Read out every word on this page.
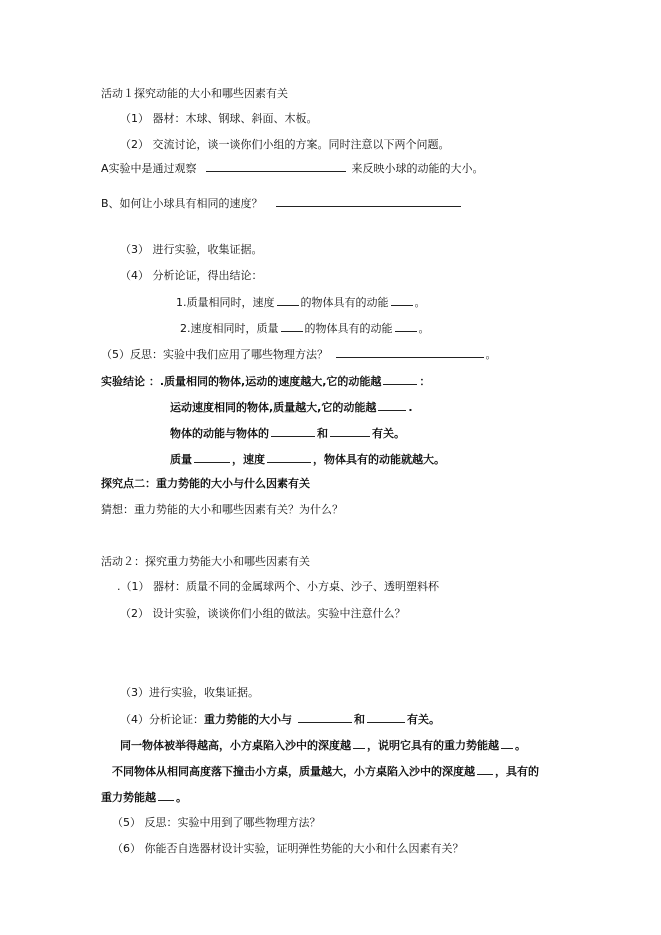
活动１探究动能的大小和哪些因素有关
（1） 器材：木球、钢球、斜面、木板。
（2） 交流讨论，谈一谈你们小组的方案。同时注意以下两个问题。
A实验中是通过观察	来反映小球的动能的大小。
B、如何让小球具有相同的速度？
（3） 进行实验，收集证据。
（4） 分析论证，得出结论：
1.质量相同时，速度 的物体具有的动能 。
2.速度相同时，质量 的物体具有的动能 。
（5）反思：实验中我们应用了哪些物理方法？	。
实验结论 ：.质量相同的物体,运动的速度越大,它的动能越	：
运动速度相同的物体,质量越大,它的动能越	.
物体的动能与物体的	和	有关。
质量	，速度	，物体具有的动能就越大。
探究点二：重力势能的大小与什么因素有关
猜想：重力势能的大小和哪些因素有关？为什么？
活动２：探究重力势能大小和哪些因素有关
.（1） 器材：质量不同的金属球两个、小方桌、沙子、透明塑料杯
（2） 设计实验，谈谈你们小组的做法。实验中注意什么？
（3）进行实验，收集证据。
（4）分析论证：重力势能的大小与	和	有关。
同一物体被举得越高，小方桌陷入沙中的深度越 ，说明它具有的重力势能越 。
不同物体从相同高度落下撞击小方桌，质量越大，小方桌陷入沙中的深度越 ，具有的
重力势能越 。
（5） 反思：实验中用到了哪些物理方法？
（6） 你能否自选器材设计实验，证明弹性势能的大小和什么因素有关？
